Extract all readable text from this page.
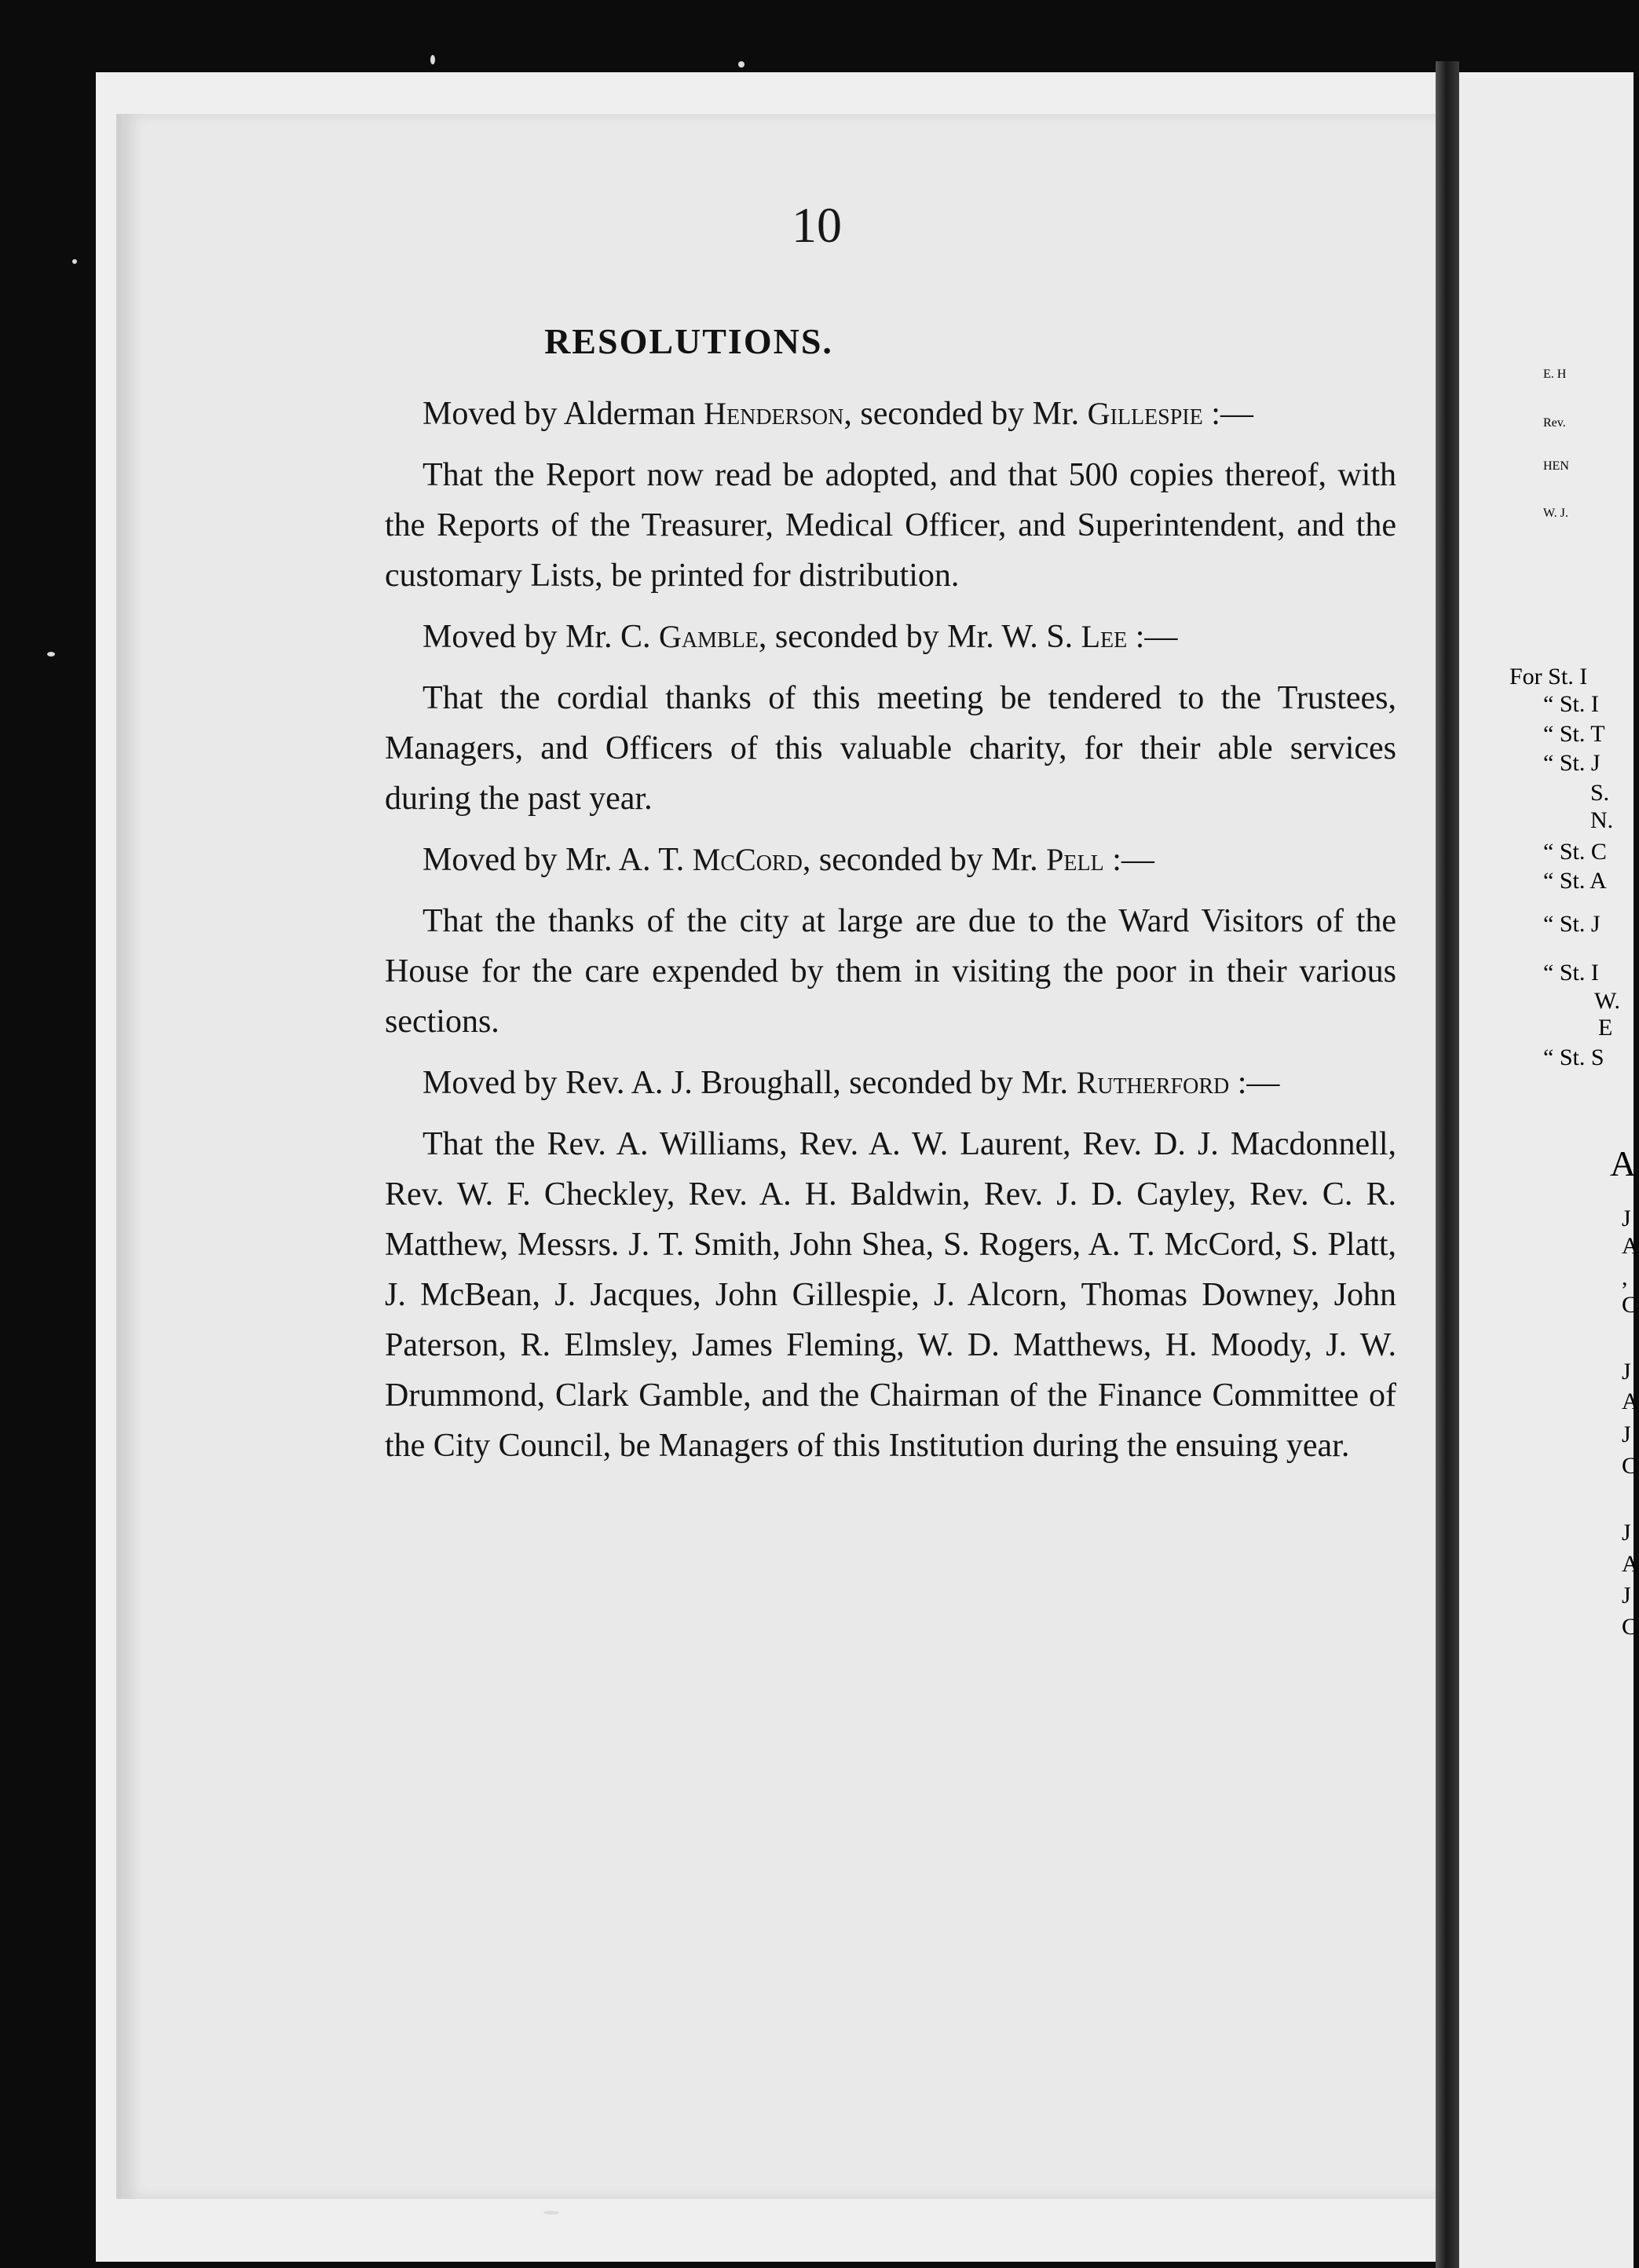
10
RESOLUTIONS.

Moved by Alderman Henderson, seconded by Mr. Gillespie :—

That the Report now read be adopted, and that 500 copies thereof, with the Reports of the Treasurer, Medical Officer, and Superintendent, and the customary Lists, be printed for distribution.

Moved by Mr. C. Gamble, seconded by Mr. W. S. Lee :—

That the cordial thanks of this meeting be tendered to the Trustees, Managers, and Officers of this valuable charity, for their able services during the past year.

Moved by Mr. A. T. McCord, seconded by Mr. Pell :—

That the thanks of the city at large are due to the Ward Visitors of the House for the care expended by them in visiting the poor in their various sections.

Moved by Rev. A. J. Broughall, seconded by Mr. Rutherford :—

That the Rev. A. Williams, Rev. A. W. Laurent, Rev. D. J. Macdonnell, Rev. W. F. Checkley, Rev. A. H. Baldwin, Rev. J. D. Cayley, Rev. C. R. Matthew, Messrs. J. T. Smith, John Shea, S. Rogers, A. T. McCord, S. Platt, J. McBean, J. Jacques, John Gillespie, J. Alcorn, Thomas Downey, John Paterson, R. Elmsley, James Fleming, W. D. Matthews, H. Moody, J. W. Drummond, Clark Gamble, and the Chairman of the Finance Committee of the City Council, be Managers of this Institution during the ensuing year.

E. H
Rev.
HEN
W. J.
For St. I
“ St. I
“ St. T
“ St. J
S.
N.
“ St. C
“ St. A
“ St. J
“ St. I
W.
E
“ St. S
A
J
A
,
C
J
A
J
C
J
A
J
C
